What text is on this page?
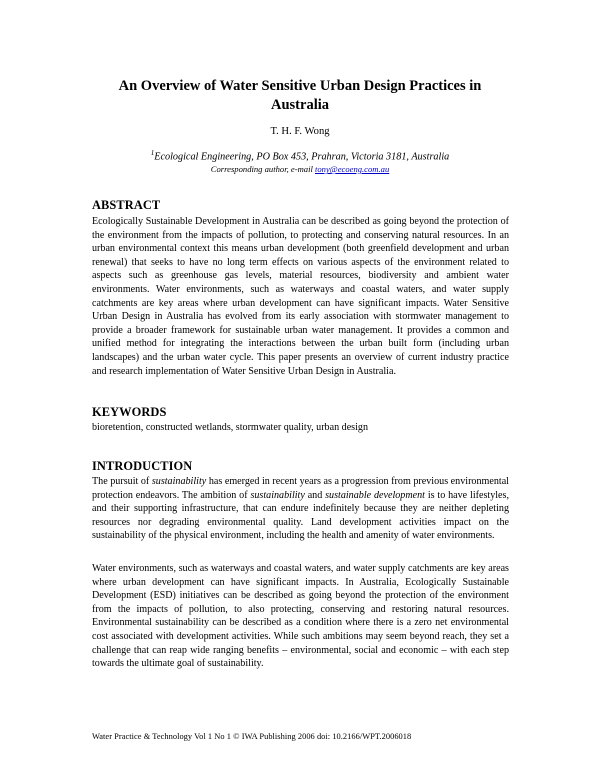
An Overview of Water Sensitive Urban Design Practices in Australia
T. H. F. Wong
$^1$Ecological Engineering, PO Box 453, Prahran, Victoria 3181, Australia
Corresponding author, e-mail tony@ecoeng.com.au
ABSTRACT

Ecologically Sustainable Development in Australia can be described as going beyond the protection of the environment from the impacts of pollution, to protecting and conserving natural resources. In an urban environmental context this means urban development (both greenfield development and urban renewal) that seeks to have no long term effects on various aspects of the environment related to aspects such as greenhouse gas levels, material resources, biodiversity and ambient water environments. Water environments, such as waterways and coastal waters, and water supply catchments are key areas where urban development can have significant impacts. Water Sensitive Urban Design in Australia has evolved from its early association with stormwater management to provide a broader framework for sustainable urban water management. It provides a common and unified method for integrating the interactions between the urban built form (including urban landscapes) and the urban water cycle. This paper presents an overview of current industry practice and research implementation of Water Sensitive Urban Design in Australia.

KEYWORDS

bioretention, constructed wetlands, stormwater quality, urban design

INTRODUCTION

The pursuit of sustainability has emerged in recent years as a progression from previous environmental protection endeavors. The ambition of sustainability and sustainable development is to have lifestyles, and their supporting infrastructure, that can endure indefinitely because they are neither depleting resources nor degrading environmental quality. Land development activities impact on the sustainability of the physical environment, including the health and amenity of water environments.

Water environments, such as waterways and coastal waters, and water supply catchments are key areas where urban development can have significant impacts. In Australia, Ecologically Sustainable Development (ESD) initiatives can be described as going beyond the protection of the environment from the impacts of pollution, to also protecting, conserving and restoring natural resources. Environmental sustainability can be described as a condition where there is a zero net environmental cost associated with development activities. While such ambitions may seem beyond reach, they set a challenge that can reap wide ranging benefits – environmental, social and economic – with each step towards the ultimate goal of sustainability.

Water Practice & Technology Vol 1 No 1 © IWA Publishing 2006 doi: 10.2166/WPT.2006018
